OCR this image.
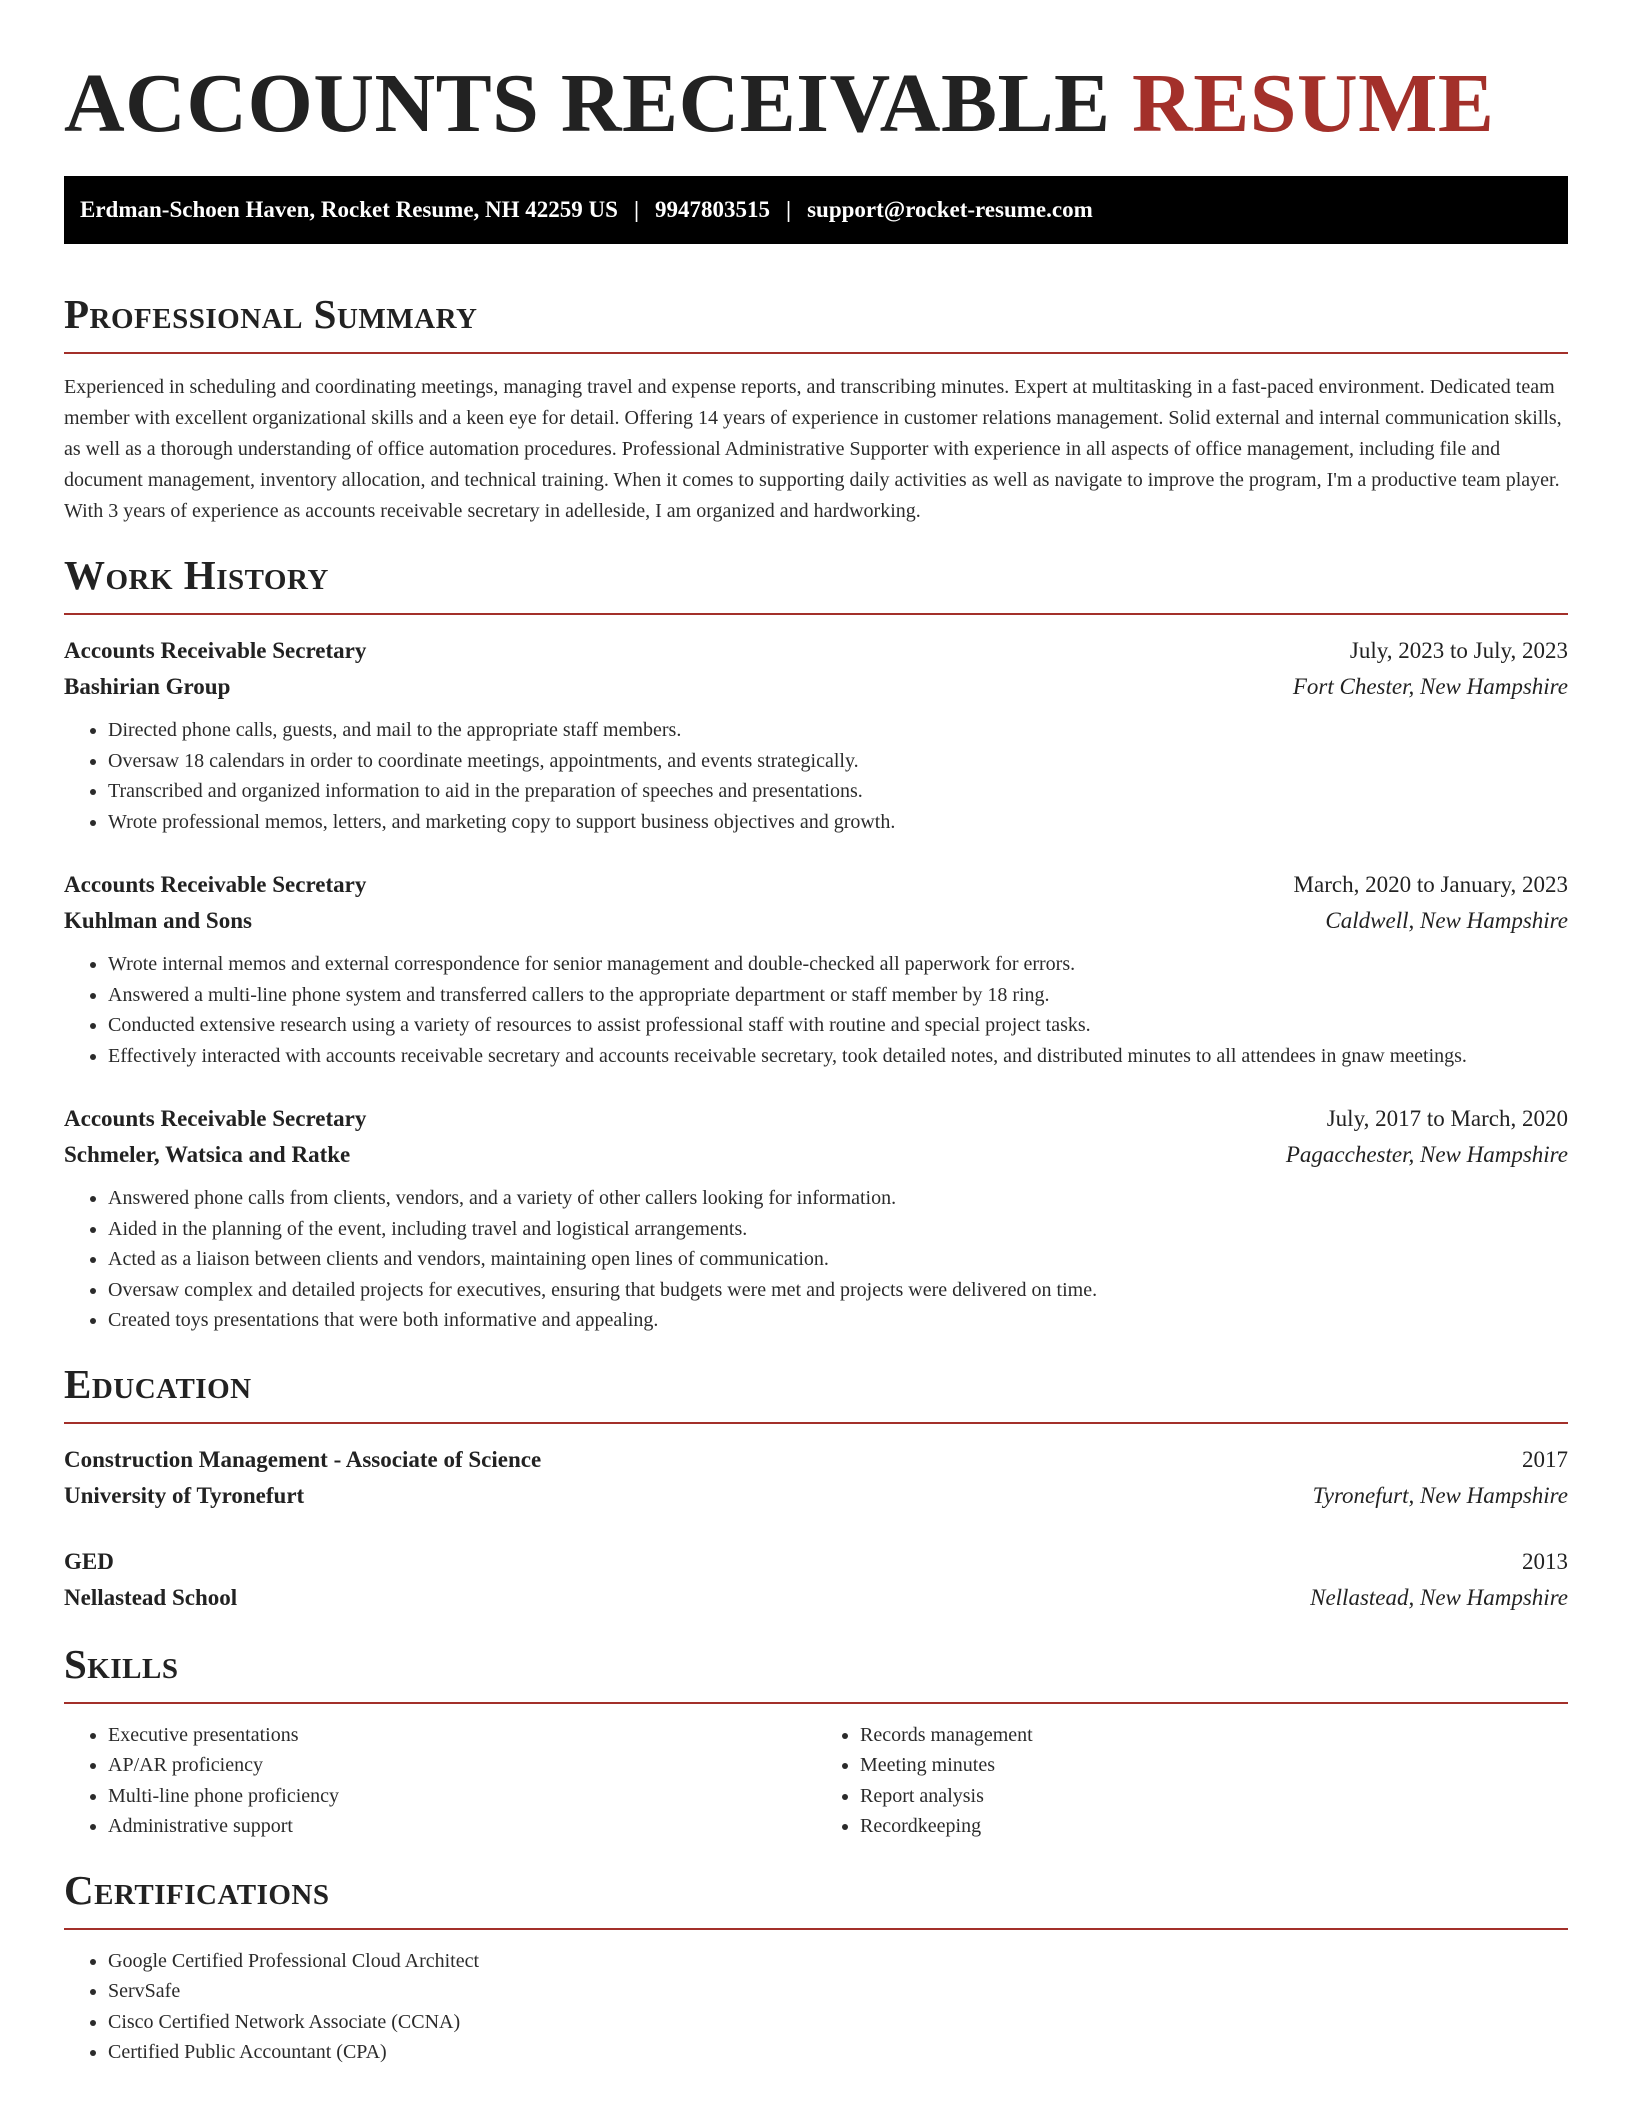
ACCOUNTS RECEIVABLE RESUME
Erdman-Schoen Haven, Rocket Resume, NH 42259 US | 9947803515 | support@rocket-resume.com
Professional Summary

Experienced in scheduling and coordinating meetings, managing travel and expense reports, and transcribing minutes. Expert at multitasking in a fast-paced environment. Dedicated team member with excellent organizational skills and a keen eye for detail. Offering 14 years of experience in customer relations management. Solid external and internal communication skills, as well as a thorough understanding of office automation procedures. Professional Administrative Supporter with experience in all aspects of office management, including file and document management, inventory allocation, and technical training. When it comes to supporting daily activities as well as navigate to improve the program, I'm a productive team player. With 3 years of experience as accounts receivable secretary in adelleside, I am organized and hardworking.

Work History
Accounts Receivable Secretary	July, 2023 to July, 2023
Bashirian Group	Fort Chester, New Hampshire
• Directed phone calls, guests, and mail to the appropriate staff members.
• Oversaw 18 calendars in order to coordinate meetings, appointments, and events strategically.
• Transcribed and organized information to aid in the preparation of speeches and presentations.
• Wrote professional memos, letters, and marketing copy to support business objectives and growth.
Accounts Receivable Secretary	March, 2020 to January, 2023
Kuhlman and Sons	Caldwell, New Hampshire
• Wrote internal memos and external correspondence for senior management and double-checked all paperwork for errors.
• Answered a multi-line phone system and transferred callers to the appropriate department or staff member by 18 ring.
• Conducted extensive research using a variety of resources to assist professional staff with routine and special project tasks.
• Effectively interacted with accounts receivable secretary and accounts receivable secretary, took detailed notes, and distributed minutes to all attendees in gnaw meetings.
Accounts Receivable Secretary	July, 2017 to March, 2020
Schmeler, Watsica and Ratke	Pagacchester, New Hampshire
• Answered phone calls from clients, vendors, and a variety of other callers looking for information.
• Aided in the planning of the event, including travel and logistical arrangements.
• Acted as a liaison between clients and vendors, maintaining open lines of communication.
• Oversaw complex and detailed projects for executives, ensuring that budgets were met and projects were delivered on time.
• Created toys presentations that were both informative and appealing.
Education
Construction Management - Associate of Science	2017
University of Tyronefurt	Tyronefurt, New Hampshire
GED	2013
Nellastead School	Nellastead, New Hampshire
Skills
• Executive presentations
• AP/AR proficiency
• Multi-line phone proficiency
• Administrative support
• Records management
• Meeting minutes
• Report analysis
• Recordkeeping
Certifications
• Google Certified Professional Cloud Architect
• ServSafe
• Cisco Certified Network Associate (CCNA)
• Certified Public Accountant (CPA)
